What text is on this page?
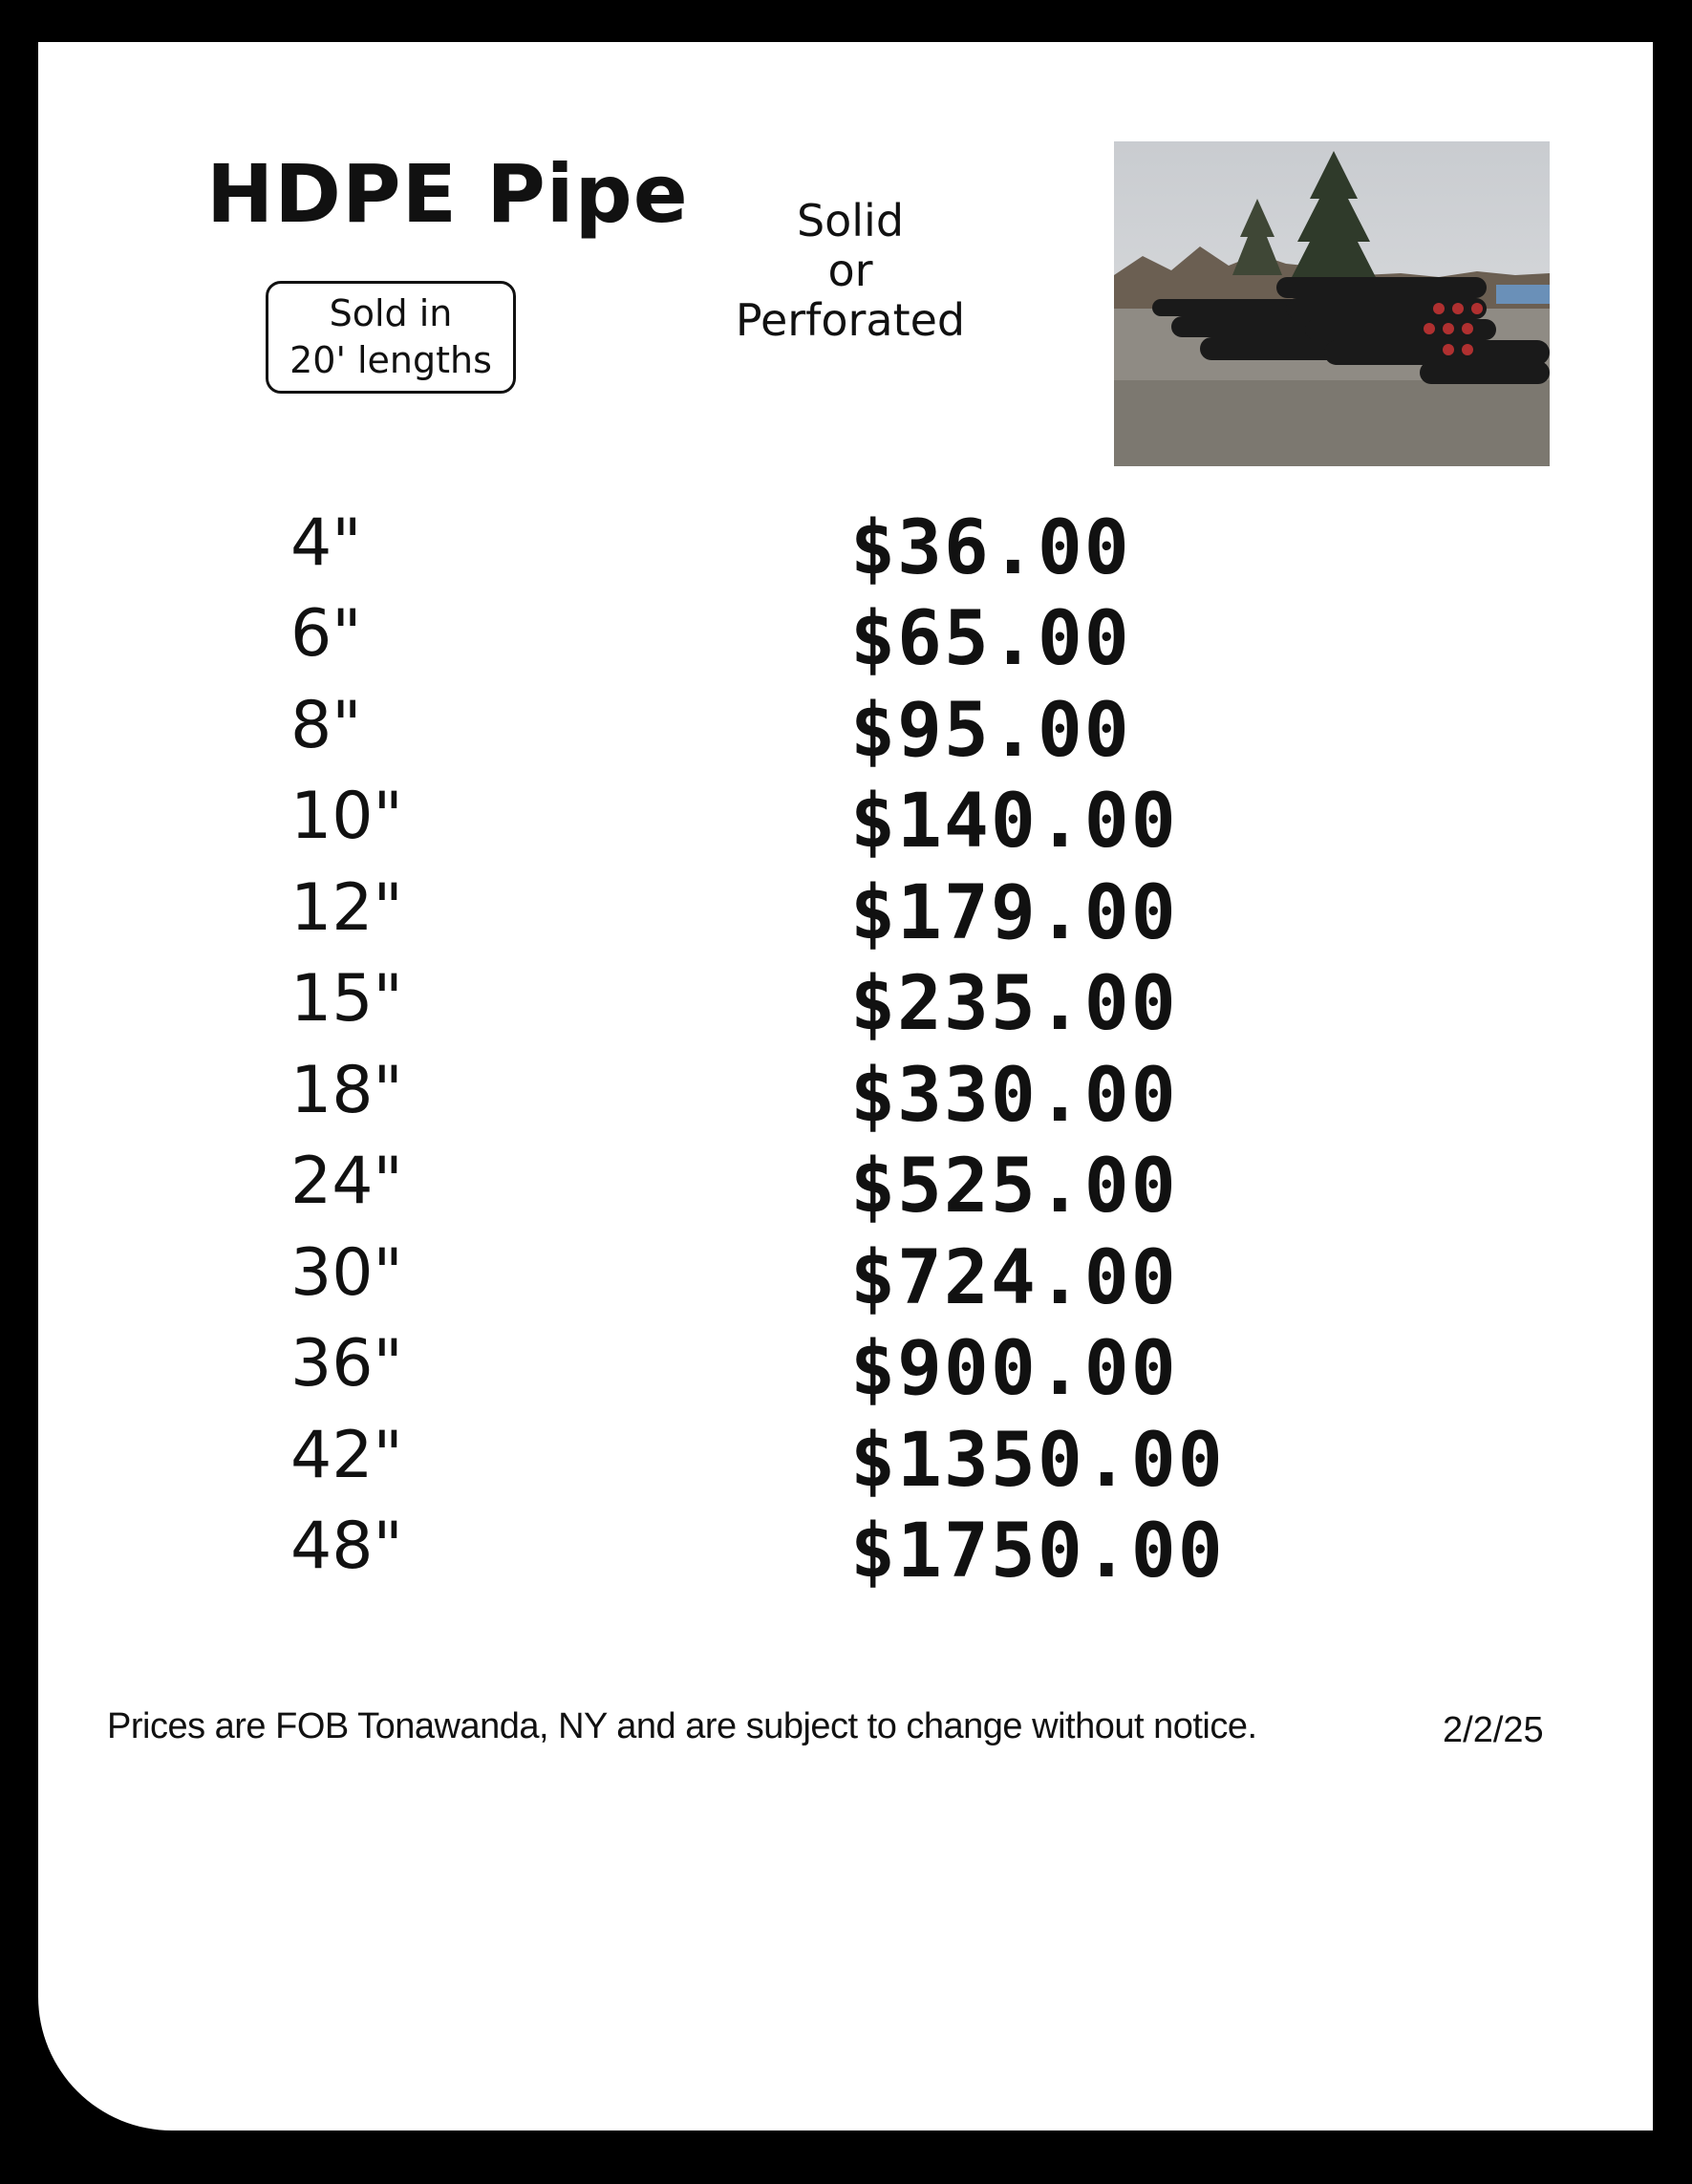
HDPE Pipe
Sold in
20' lengths
Solid
or
Perforated
4"	$36.00
6"	$65.00
8"	$95.00
10"	$140.00
12"	$179.00
15"	$235.00
18"	$330.00
24"	$525.00
30"	$724.00
36"	$900.00
42"	$1350.00
48"	$1750.00
Prices are FOB Tonawanda, NY and are subject to change without notice.	2/2/25
